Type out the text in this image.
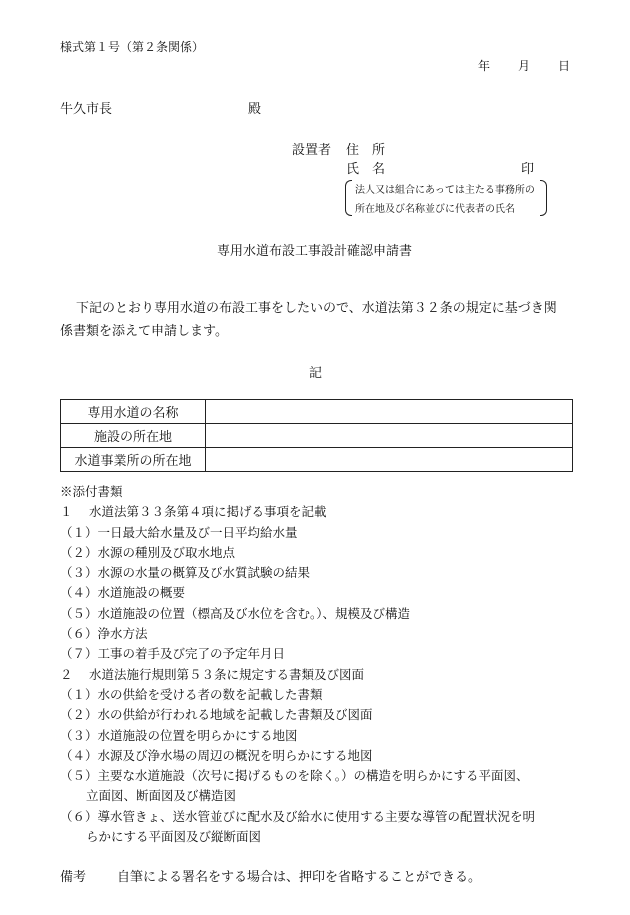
様式第１号（第２条関係）
年 月 日
牛久市長	殿
設置者 住　所
氏　名	印
法人又は組合にあっては主たる事務所の
所在地及び名称並びに代表者の氏名
専用水道布設工事設計確認申請書
下記のとおり専用水道の布設工事をしたいので、水道法第３２条の規定に基づき関
係書類を添えて申請します。
記
専用水道の名称	
施設の所在地	
水道事業所の所在地	
※添付書類
１　 水道法第３３条第４項に掲げる事項を記載
（１）一日最大給水量及び一日平均給水量
（２）水源の種別及び取水地点
（３）水源の水量の概算及び水質試験の結果
（４）水道施設の概要
（５）水道施設の位置（標高及び水位を含む。）、規模及び構造
（６）浄水方法
（７）工事の着手及び完了の予定年月日
２　 水道法施行規則第５３条に規定する書類及び図面
（１）水の供給を受ける者の数を記載した書類
（２）水の供給が行われる地域を記載した書類及び図面
（３）水道施設の位置を明らかにする地図
（４）水源及び浄水場の周辺の概況を明らかにする地図
（５）主要な水道施設（次号に掲げるものを除く。）の構造を明らかにする平面図、
立面図、断面図及び構造図
（６）導水管きょ、送水管並びに配水及び給水に使用する主要な導管の配置状況を明
らかにする平面図及び縦断面図
備考 自筆による署名をする場合は、押印を省略することができる。
